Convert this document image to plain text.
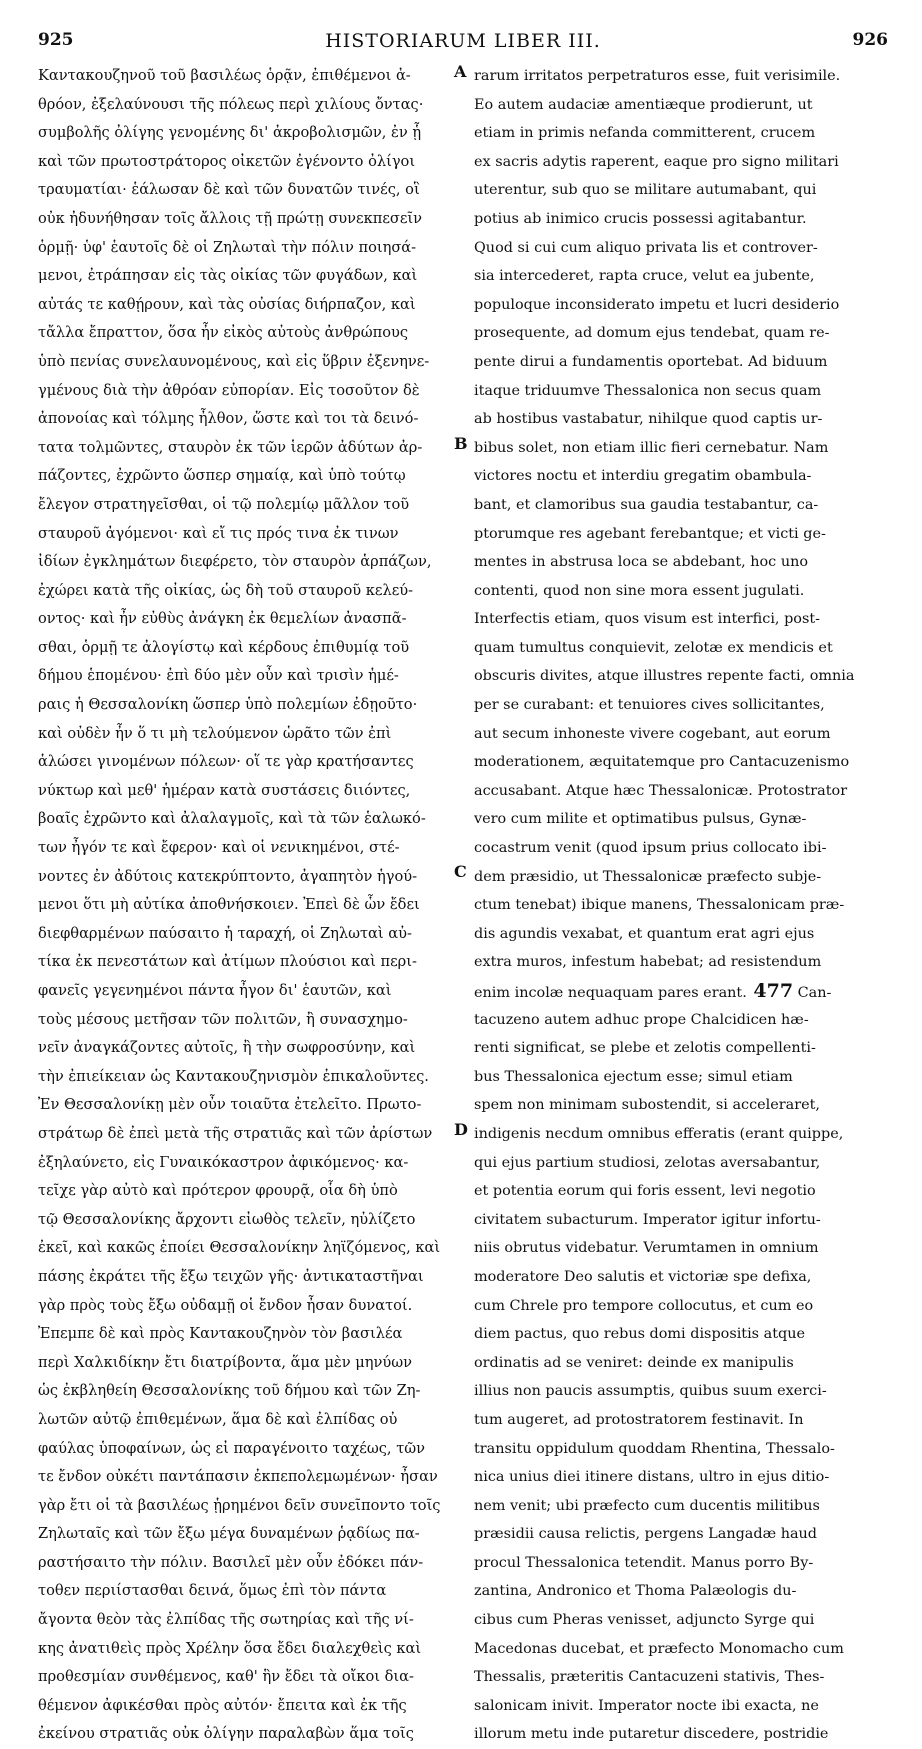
925	HISTORIARUM LIBER III.	926
Καντακουζηνοῦ τοῦ βασιλέως ὁρᾷν, ἐπιθέμενοι ἀ-
θρόον, ἐξελαύνουσι τῆς πόλεως περὶ χιλίους ὄντας·
συμβολῆς ὀλίγης γενομένης δι' ἀκροβολισμῶν, ἐν ᾗ
καὶ τῶν πρωτοστράτορος οἰκετῶν ἐγένοντο ὀλίγοι
τραυματίαι· ἑάλωσαν δὲ καὶ τῶν δυνατῶν τινές, οἳ
οὐκ ἠδυνήθησαν τοῖς ἄλλοις τῇ πρώτῃ συνεκπεσεῖν
ὁρμῇ· ὑφ' ἑαυτοῖς δὲ οἱ Ζηλωταὶ τὴν πόλιν ποιησά-
μενοι, ἐτράπησαν εἰς τὰς οἰκίας τῶν φυγάδων, καὶ
αὐτάς τε καθῄρουν, καὶ τὰς οὐσίας διήρπαζον, καὶ
τἄλλα ἔπραττον, ὅσα ἦν εἰκὸς αὐτοὺς ἀνθρώπους
ὑπὸ πενίας συνελαυνομένους, καὶ εἰς ὕβριν ἐξενηνε-
γμένους διὰ τὴν ἀθρόαν εὐπορίαν. Εἰς τοσοῦτον δὲ
ἀπονοίας καὶ τόλμης ἦλθον, ὥστε καὶ τοι τὰ δεινό-
τατα τολμῶντες, σταυρὸν ἐκ τῶν ἱερῶν ἀδύτων ἀρ-
πάζοντες, ἐχρῶντο ὥσπερ σημαίᾳ, καὶ ὑπὸ τούτῳ
ἔλεγον στρατηγεῖσθαι, οἱ τῷ πολεμίῳ μᾶλλον τοῦ
σταυροῦ ἀγόμενοι· καὶ εἴ τις πρός τινα ἐκ τινων
ἰδίων ἐγκλημάτων διεφέρετο, τὸν σταυρὸν ἁρπάζων,
ἐχώρει κατὰ τῆς οἰκίας, ὡς δὴ τοῦ σταυροῦ κελεύ-
οντος· καὶ ἦν εὐθὺς ἀνάγκη ἐκ θεμελίων ἀνασπᾶ-
σθαι, ὁρμῇ τε ἀλογίστῳ καὶ κέρδους ἐπιθυμίᾳ τοῦ
δήμου ἑπομένου· ἐπὶ δύο μὲν οὖν καὶ τρισὶν ἡμέ-
ραις ἡ Θεσσαλονίκη ὥσπερ ὑπὸ πολεμίων ἐδῃοῦτο·
καὶ οὐδὲν ἦν ὅ τι μὴ τελούμενον ὡρᾶτο τῶν ἐπὶ
ἁλώσει γινομένων πόλεων· οἵ τε γὰρ κρατήσαντες
νύκτωρ καὶ μεθ' ἡμέραν κατὰ συστάσεις διιόντες,
βοαῖς ἐχρῶντο καὶ ἀλαλαγμοῖς, καὶ τὰ τῶν ἑαλωκό-
των ἦγόν τε καὶ ἔφερον· καὶ οἱ νενικημένοι, στέ-
νοντες ἐν ἀδύτοις κατεκρύπτοντο, ἀγαπητὸν ἡγού-
μενοι ὅτι μὴ αὐτίκα ἀποθνήσκοιεν. Ἐπεὶ δὲ ὧν ἔδει
διεφθαρμένων παύσαιτο ἡ ταραχή, οἱ Ζηλωταὶ αὐ-
τίκα ἐκ πενεστάτων καὶ ἀτίμων πλούσιοι καὶ περι-
φανεῖς γεγενημένοι πάντα ἦγον δι' ἑαυτῶν, καὶ
τοὺς μέσους μετῆσαν τῶν πολιτῶν, ἢ συνασχημο-
νεῖν ἀναγκάζοντες αὐτοῖς, ἢ τὴν σωφροσύνην, καὶ
τὴν ἐπιείκειαν ὡς Καντακουζηνισμὸν ἐπικαλοῦντες.
Ἐν Θεσσαλονίκῃ μὲν οὖν τοιαῦτα ἐτελεῖτο. Πρωτο-
στράτωρ δὲ ἐπεὶ μετὰ τῆς στρατιᾶς καὶ τῶν ἀρίστων
ἐξηλαύνετο, εἰς Γυναικόκαστρον ἀφικόμενος· κα-
τεῖχε γὰρ αὐτὸ καὶ πρότερον φρουρᾷ, οἷα δὴ ὑπὸ
τῷ Θεσσαλονίκης ἄρχοντι εἰωθὸς τελεῖν, ηὐλίζετο
ἐκεῖ, καὶ κακῶς ἐποίει Θεσσαλονίκην ληϊζόμενος, καὶ
πάσης ἐκράτει τῆς ἔξω τειχῶν γῆς· ἀντικαταστῆναι
γὰρ πρὸς τοὺς ἔξω οὐδαμῇ οἱ ἔνδον ἦσαν δυνατοί.
Ἐπεμπε δὲ καὶ πρὸς Καντακουζηνὸν τὸν βασιλέα
περὶ Χαλκιδίκην ἔτι διατρίβοντα, ἅμα μὲν μηνύων
ὡς ἐκβληθείη Θεσσαλονίκης τοῦ δήμου καὶ τῶν Ζη-
λωτῶν αὐτῷ ἐπιθεμένων, ἅμα δὲ καὶ ἐλπίδας οὐ
φαύλας ὑποφαίνων, ὡς εἰ παραγένοιτο ταχέως, τῶν
τε ἔνδον οὐκέτι παντάπασιν ἐκπεπολεμωμένων· ἦσαν
γὰρ ἔτι οἱ τὰ βασιλέως ᾑρημένοι δεῖν συνεῖποντο τοῖς
Ζηλωταῖς καὶ τῶν ἔξω μέγα δυναμένων ῥᾳδίως πα-
ραστήσαιτο τὴν πόλιν. Βασιλεῖ μὲν οὖν ἐδόκει πάν-
τοθεν περιίστασθαι δεινά, ὅμως ἐπὶ τὸν πάντα
ἄγοντα θεὸν τὰς ἐλπίδας τῆς σωτηρίας καὶ τῆς νί-
κης ἀνατιθεὶς πρὸς Χρέλην ὅσα ἔδει διαλεχθεὶς καὶ
προθεσμίαν συνθέμενος, καθ' ἣν ἔδει τὰ οἴκοι δια-
θέμενον ἀφικέσθαι πρὸς αὐτόν· ἔπειτα καὶ ἐκ τῆς
ἐκείνου στρατιᾶς οὐκ ὀλίγην παραλαβὼν ἅμα τοῖς
rarum irritatos perpetraturos esse, fuit verisimile.
Eo autem audaciæ amentiæque prodierunt, ut
etiam in primis nefanda committerent, crucem
ex sacris adytis raperent, eaque pro signo militari
uterentur, sub quo se militare autumabant, qui
potius ab inimico crucis possessi agitabantur.
Quod si cui cum aliquo privata lis et controver-
sia intercederet, rapta cruce, velut ea jubente,
populoque inconsiderato impetu et lucri desiderio
prosequente, ad domum ejus tendebat, quam re-
pente dirui a fundamentis oportebat. Ad biduum
itaque triduumve Thessalonica non secus quam
ab hostibus vastabatur, nihilque quod captis ur-
bibus solet, non etiam illic fieri cernebatur. Nam
victores noctu et interdiu gregatim obambula-
bant, et clamoribus sua gaudia testabantur, ca-
ptorumque res agebant ferebantque; et victi ge-
mentes in abstrusa loca se abdebant, hoc uno
contenti, quod non sine mora essent jugulati.
Interfectis etiam, quos visum est interfici, post-
quam tumultus conquievit, zelotæ ex mendicis et
obscuris divites, atque illustres repente facti, omnia
per se curabant: et tenuiores cives sollicitantes,
aut secum inhoneste vivere cogebant, aut eorum
moderationem, æquitatemque pro Cantacuzenismo
accusabant. Atque hæc Thessalonicæ. Protostrator
vero cum milite et optimatibus pulsus, Gynæ-
cocastrum venit (quod ipsum prius collocato ibi-
dem præsidio, ut Thessalonicæ præfecto subje-
ctum tenebat) ibique manens, Thessalonicam præ-
dis agundis vexabat, et quantum erat agri ejus
extra muros, infestum habebat; ad resistendum
enim incolæ nequaquam pares erant. 477 Can-
tacuzeno autem adhuc prope Chalcidicen hæ-
renti significat, se plebe et zelotis compellenti-
bus Thessalonica ejectum esse; simul etiam
spem non minimam subostendit, si acceleraret,
indigenis necdum omnibus efferatis (erant quippe,
qui ejus partium studiosi, zelotas aversabantur,
et potentia eorum qui foris essent, levi negotio
civitatem subacturum. Imperator igitur infortu-
niis obrutus videbatur. Verumtamen in omnium
moderatore Deo salutis et victoriæ spe defixa,
cum Chrele pro tempore collocutus, et cum eo
diem pactus, quo rebus domi dispositis atque
ordinatis ad se veniret: deinde ex manipulis
illius non paucis assumptis, quibus suum exerci-
tum augeret, ad protostratorem festinavit. In
transitu oppidulum quoddam Rhentina, Thessalo-
nica unius diei itinere distans, ultro in ejus ditio-
nem venit; ubi præfecto cum ducentis militibus
præsidii causa relictis, pergens Langadæ haud
procul Thessalonica tetendit. Manus porro By-
zantina, Andronico et Thoma Palæologis du-
cibus cum Pheras venisset, adjuncto Syrge qui
Macedonas ducebat, et præfecto Monomacho cum
Thessalis, præteritis Cantacuzeni stativis, Thes-
salonicam inivit. Imperator nocte ibi exacta, ne
illorum metu inde putaretur discedere, postridie
A
B
C
D
